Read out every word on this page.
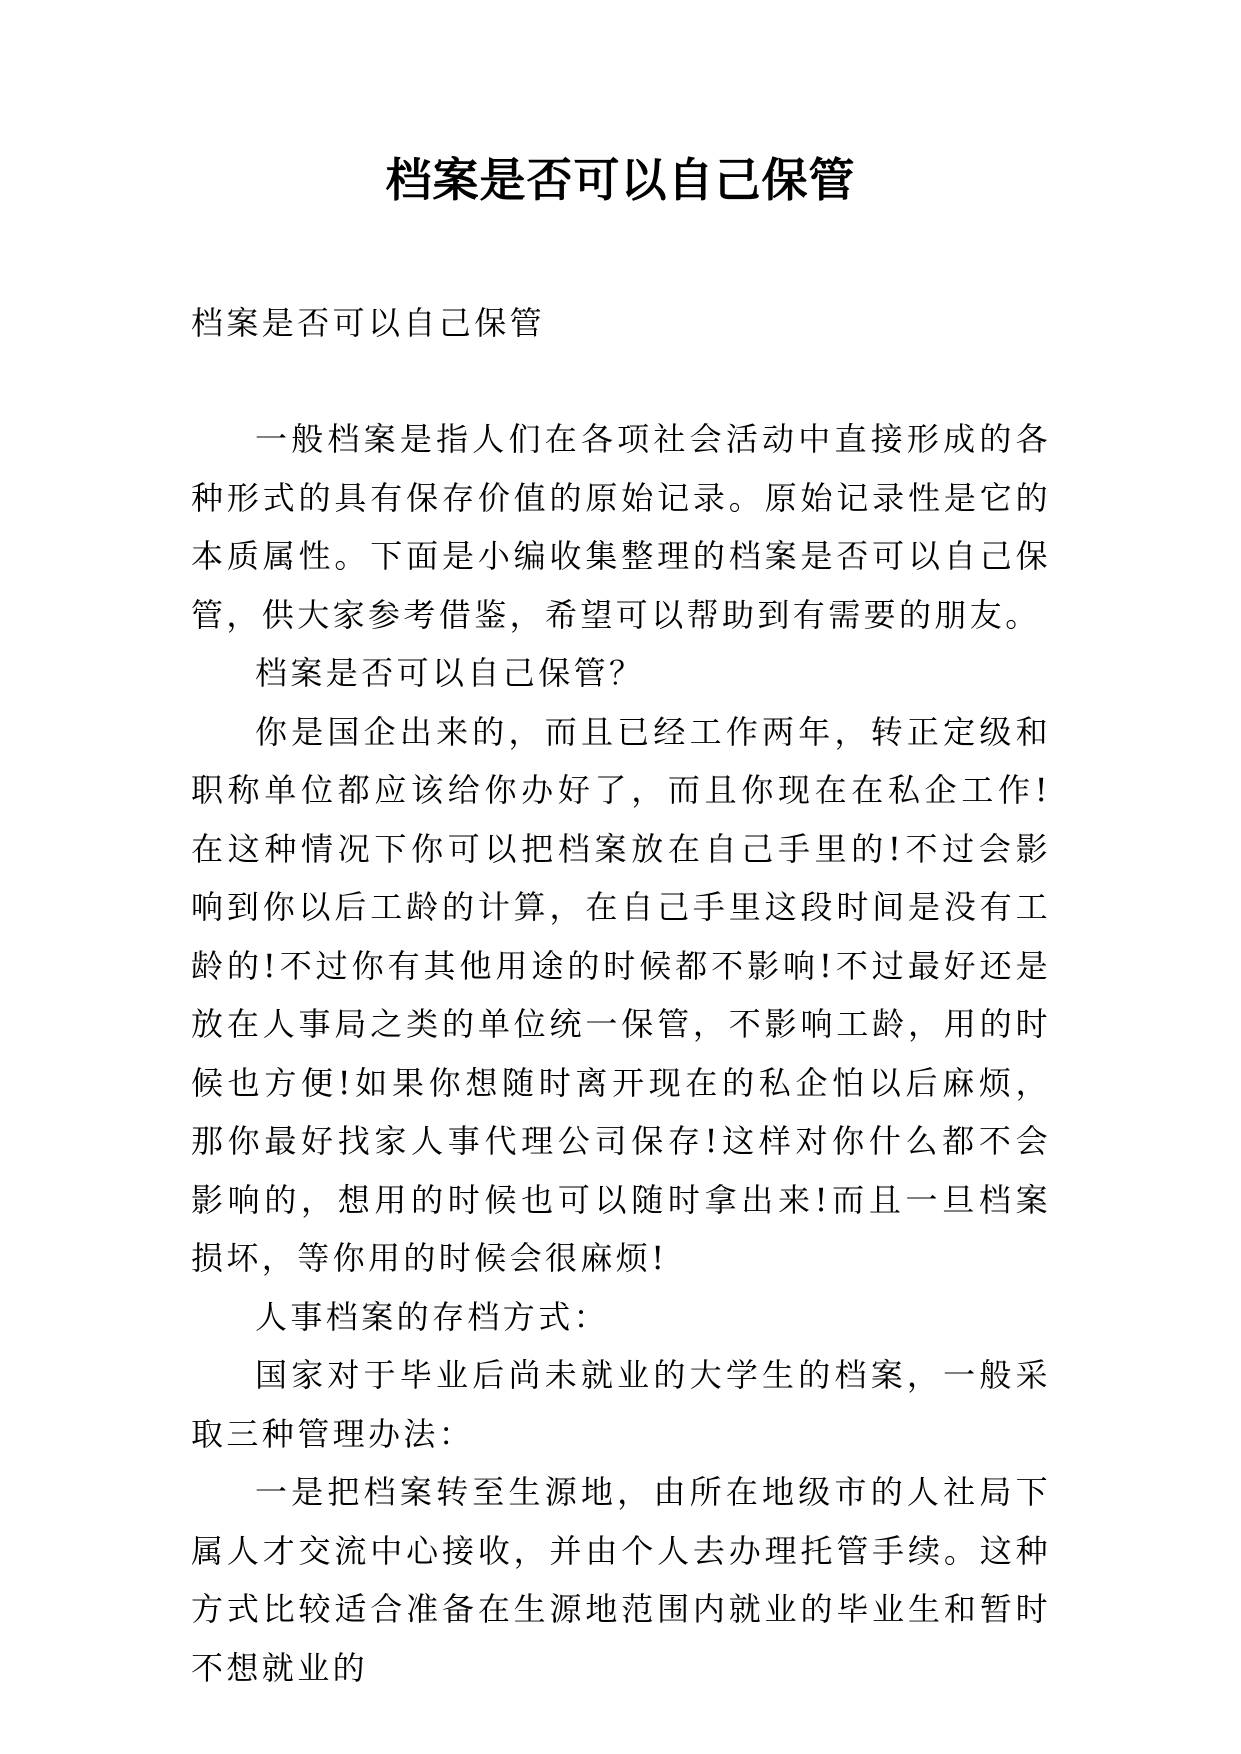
档案是否可以自己保管
档案是否可以自己保管

一般档案是指人们在各项社会活动中直接形成的各种形式的具有保存价值的原始记录。原始记录性是它的本质属性。下面是小编收集整理的档案是否可以自己保管，供大家参考借鉴，希望可以帮助到有需要的朋友。

档案是否可以自己保管？

你是国企出来的，而且已经工作两年，转正定级和职称单位都应该给你办好了，而且你现在在私企工作!在这种情况下你可以把档案放在自己手里的!不过会影响到你以后工龄的计算，在自己手里这段时间是没有工龄的!不过你有其他用途的时候都不影响!不过最好还是放在人事局之类的单位统一保管，不影响工龄，用的时候也方便!如果你想随时离开现在的私企怕以后麻烦，那你最好找家人事代理公司保存!这样对你什么都不会影响的，想用的时候也可以随时拿出来!而且一旦档案损坏，等你用的时候会很麻烦!

人事档案的存档方式：

国家对于毕业后尚未就业的大学生的档案，一般采取三种管理办法：

一是把档案转至生源地，由所在地级市的人社局下属人才交流中心接收，并由个人去办理托管手续。这种方式比较适合准备在生源地范围内就业的毕业生和暂时不想就业的
